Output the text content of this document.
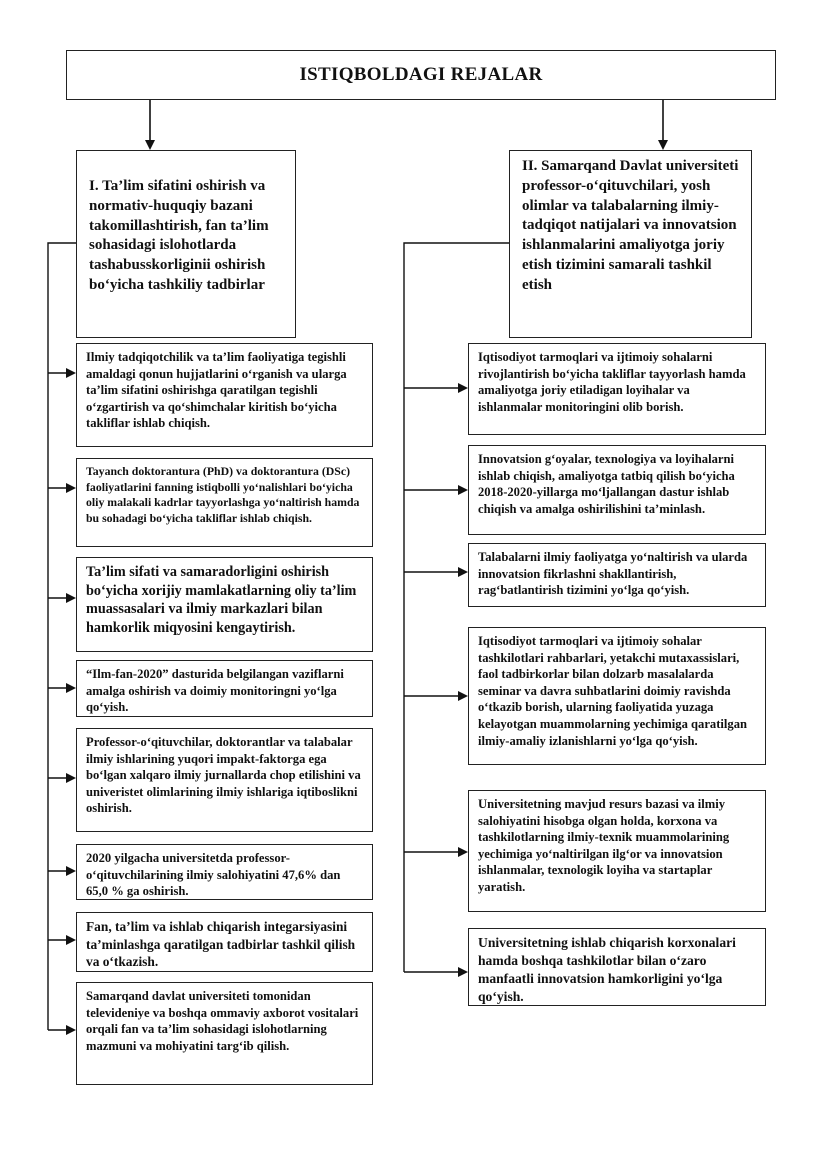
ISTIQBOLDAGI REJALAR
I. Ta’lim sifatini oshirish va normativ-huquqiy bazani takomillashtirish, fan ta’lim sohasidagi islohotlarda tashabusskorliginii oshirish bo‘yicha tashkiliy tadbirlar
II. Samarqand Davlat universiteti professor-o‘qituvchilari, yosh olimlar va talabalarning ilmiy-tadqiqot natijalari va innovatsion ishlanmalarini amaliyotga joriy etish tizimini samarali tashkil etish
Ilmiy tadqiqotchilik va ta’lim faoliyatiga tegishli amaldagi qonun hujjatlarini o‘rganish va ularga ta’lim sifatini oshirishga qaratilgan tegishli o‘zgartirish va qo‘shimchalar kiritish bo‘yicha takliflar ishlab chiqish.
Tayanch doktorantura (PhD) va doktorantura (DSc) faoliyatlarini fanning istiqbolli yo‘nalishlari bo‘yicha oliy malakali kadrlar tayyorlashga yo‘naltirish hamda bu sohadagi bo‘yicha takliflar ishlab chiqish.
Ta’lim sifati va samaradorligini oshirish bo‘yicha xorijiy mamlakatlarning oliy ta’lim muassasalari va ilmiy markazlari bilan hamkorlik miqyosini kengaytirish.
“Ilm-fan-2020” dasturida belgilangan vaziflarni amalga oshirish va doimiy monitoringni yo‘lga qo‘yish.
Professor-o‘qituvchilar, doktorantlar va talabalar ilmiy ishlarining yuqori impakt-faktorga ega bo‘lgan xalqaro ilmiy jurnallarda chop etilishini va univeristet olimlarining ilmiy ishlariga iqtiboslikni oshirish.
2020 yilgacha universitetda professor-o‘qituvchilarining ilmiy salohiyatini 47,6% dan 65,0 % ga oshirish.
Fan, ta’lim va ishlab chiqarish integarsiyasini ta’minlashga qaratilgan tadbirlar tashkil qilish va o‘tkazish.
Samarqand davlat universiteti tomonidan televideniye va boshqa ommaviy axborot vositalari orqali fan va ta’lim sohasidagi islohotlarning mazmuni va mohiyatini targ‘ib qilish.
Iqtisodiyot tarmoqlari va ijtimoiy sohalarni rivojlantirish bo‘yicha takliflar tayyorlash hamda amaliyotga joriy etiladigan loyihalar va ishlanmalar monitoringini olib borish.
Innovatsion g‘oyalar, texnologiya va loyihalarni ishlab chiqish, amaliyotga tatbiq qilish bo‘yicha 2018-2020-yillarga mo‘ljallangan dastur ishlab chiqish va amalga oshirilishini ta’minlash.
Talabalarni ilmiy faoliyatga yo‘naltirish va ularda innovatsion fikrlashni shakllantirish, rag‘batlantirish tizimini yo‘lga qo‘yish.
Iqtisodiyot tarmoqlari va ijtimoiy sohalar tashkilotlari rahbarlari, yetakchi mutaxassislari, faol tadbirkorlar bilan dolzarb masalalarda seminar va davra suhbatlarini doimiy ravishda o‘tkazib borish, ularning faoliyatida yuzaga kelayotgan muammolarning yechimiga qaratilgan ilmiy-amaliy izlanishlarni yo‘lga qo‘yish.
Universitetning mavjud resurs bazasi va ilmiy salohiyatini hisobga olgan holda, korxona va tashkilotlarning ilmiy-texnik muammolarining yechimiga yo‘naltirilgan ilg‘or va innovatsion ishlanmalar, texnologik loyiha va startaplar yaratish.
Universitetning ishlab chiqarish korxonalari hamda boshqa tashkilotlar bilan o‘zaro manfaatli innovatsion hamkorligini yo‘lga qo‘yish.
